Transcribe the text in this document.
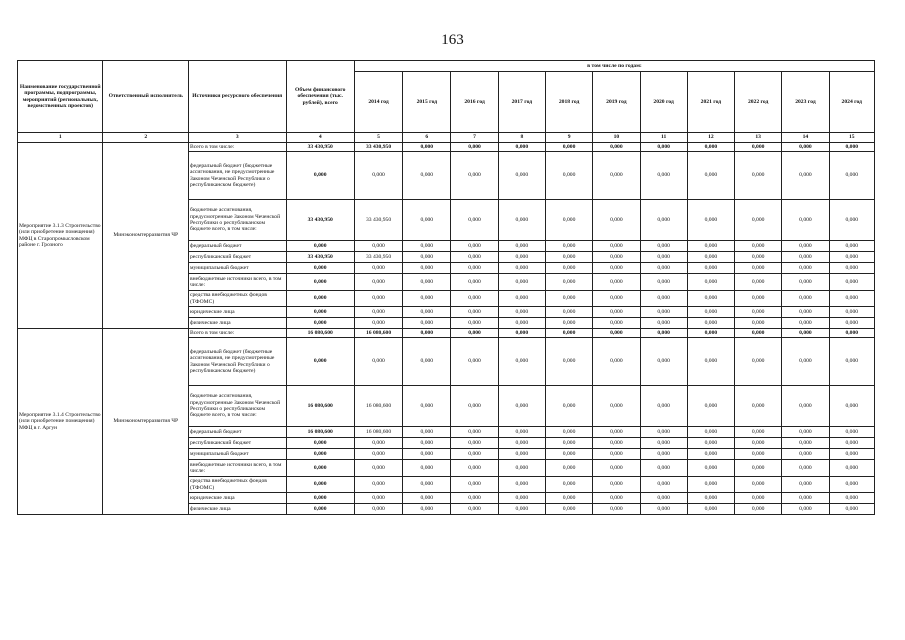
163
Наименование государственной программы, подпрограммы, мероприятий (региональных, ведомственных проектов)	Ответственный исполнитель	Источники ресурсного обеспечения	Объем финансового обеспечения (тыс. рублей), всего	в том числе по годам:										
				2014 год	2015 год	2016 год	2017 год	2018 год	2019 год	2020 год	2021 год	2022 год	2023 год	2024 год
1	2	3	4	5	6	7	8	9	10	11	12	13	14	15
Мероприятие 3.1.3 Строительство (или приобретение помещения) МФЦ в Старопромысловском районе г. Грозного	Минэкономтерразвития ЧР	Всего в том числе:	33 430,950	33 430,950	0,000	0,000	0,000	0,000	0,000	0,000	0,000	0,000	0,000	0,000
		федеральный бюджет (бюджетные ассигнования, не предусмотренные Законом Чеченской Республики о республиканском бюджете)	0,000	0,000	0,000	0,000	0,000	0,000	0,000	0,000	0,000	0,000	0,000	0,000
		бюджетные ассигнования, предусмотренные Законом Чеченской Республики о республиканском бюджете всего, в том числе:	33 430,950	33 430,950	0,000	0,000	0,000	0,000	0,000	0,000	0,000	0,000	0,000	0,000
		федеральный бюджет	0,000	0,000	0,000	0,000	0,000	0,000	0,000	0,000	0,000	0,000	0,000	0,000
		республиканский бюджет	33 430,950	33 430,950	0,000	0,000	0,000	0,000	0,000	0,000	0,000	0,000	0,000	0,000
		муниципальный бюджет	0,000	0,000	0,000	0,000	0,000	0,000	0,000	0,000	0,000	0,000	0,000	0,000
		внебюджетные источники всего, в том числе:	0,000	0,000	0,000	0,000	0,000	0,000	0,000	0,000	0,000	0,000	0,000	0,000
		средства внебюджетных фондов (ТФОМС)	0,000	0,000	0,000	0,000	0,000	0,000	0,000	0,000	0,000	0,000	0,000	0,000
		юридические лица	0,000	0,000	0,000	0,000	0,000	0,000	0,000	0,000	0,000	0,000	0,000	0,000
		физические лица	0,000	0,000	0,000	0,000	0,000	0,000	0,000	0,000	0,000	0,000	0,000	0,000
Мероприятие 3.1.4 Строительство (или приобретение помещения) МФЦ в г. Аргун	Минэкономтерразвития ЧР	Всего в том числе:	16 080,600	16 080,600	0,000	0,000	0,000	0,000	0,000	0,000	0,000	0,000	0,000	0,000
		федеральный бюджет (бюджетные ассигнования, не предусмотренные Законом Чеченской Республики о республиканском бюджете)	0,000	0,000	0,000	0,000	0,000	0,000	0,000	0,000	0,000	0,000	0,000	0,000
		бюджетные ассигнования, предусмотренные Законом Чеченской Республики о республиканском бюджете всего, в том числе:	16 080,600	16 080,600	0,000	0,000	0,000	0,000	0,000	0,000	0,000	0,000	0,000	0,000
		федеральный бюджет	16 080,600	16 080,600	0,000	0,000	0,000	0,000	0,000	0,000	0,000	0,000	0,000	0,000
		республиканский бюджет	0,000	0,000	0,000	0,000	0,000	0,000	0,000	0,000	0,000	0,000	0,000	0,000
		муниципальный бюджет	0,000	0,000	0,000	0,000	0,000	0,000	0,000	0,000	0,000	0,000	0,000	0,000
		внебюджетные источники всего, в том числе:	0,000	0,000	0,000	0,000	0,000	0,000	0,000	0,000	0,000	0,000	0,000	0,000
		средства внебюджетных фондов (ТФОМС)	0,000	0,000	0,000	0,000	0,000	0,000	0,000	0,000	0,000	0,000	0,000	0,000
		юридические лица	0,000	0,000	0,000	0,000	0,000	0,000	0,000	0,000	0,000	0,000	0,000	0,000
		физические лица	0,000	0,000	0,000	0,000	0,000	0,000	0,000	0,000	0,000	0,000	0,000	0,000
